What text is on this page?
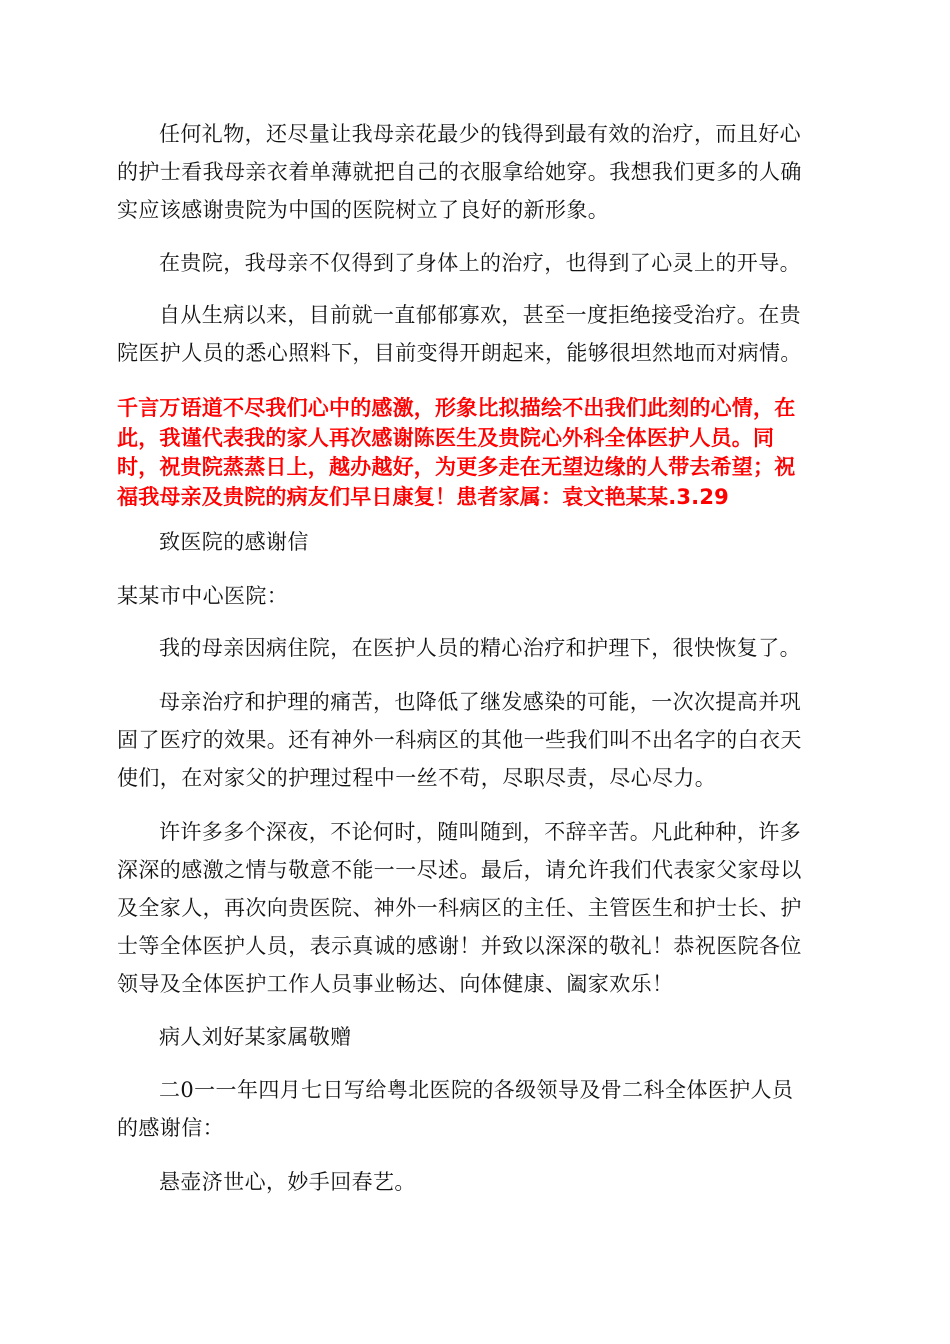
任何礼物，还尽量让我母亲花最少的钱得到最有效的治疗，而且好心
的护士看我母亲衣着单薄就把自己的衣服拿给她穿。我想我们更多的人确
实应该感谢贵院为中国的医院树立了良好的新形象。

在贵院，我母亲不仅得到了身体上的治疗，也得到了心灵上的开导。

自从生病以来，目前就一直郁郁寡欢，甚至一度拒绝接受治疗。在贵
院医护人员的悉心照料下，目前变得开朗起来，能够很坦然地而对病情。

千言万语道不尽我们心中的感激，形象比拟描绘不出我们此刻的心情，在
此，我谨代表我的家人再次感谢陈医生及贵院心外科全体医护人员。同
时，祝贵院蒸蒸日上，越办越好，为更多走在无望边缘的人带去希望；祝
福我母亲及贵院的病友们早日康复！患者家属：袁文艳某某.3.29

致医院的感谢信

某某市中心医院：

我的母亲因病住院，在医护人员的精心治疗和护理下，很快恢复了。

母亲治疗和护理的痛苦，也降低了继发感染的可能，一次次提高并巩
固了医疗的效果。还有神外一科病区的其他一些我们叫不出名字的白衣天
使们，在对家父的护理过程中一丝不苟，尽职尽责，尽心尽力。

许许多多个深夜，不论何时，随叫随到，不辞辛苦。凡此种种，许多
深深的感激之情与敬意不能一一尽述。最后，请允许我们代表家父家母以
及全家人，再次向贵医院、神外一科病区的主任、主管医生和护士长、护
士等全体医护人员，表示真诚的感谢！并致以深深的敬礼！恭祝医院各位
领导及全体医护工作人员事业畅达、向体健康、阖家欢乐！

病人刘好某家属敬赠

二0一一年四月七日写给粤北医院的各级领导及骨二科全体医护人员
的感谢信：

悬壶济世心，妙手回春艺。
